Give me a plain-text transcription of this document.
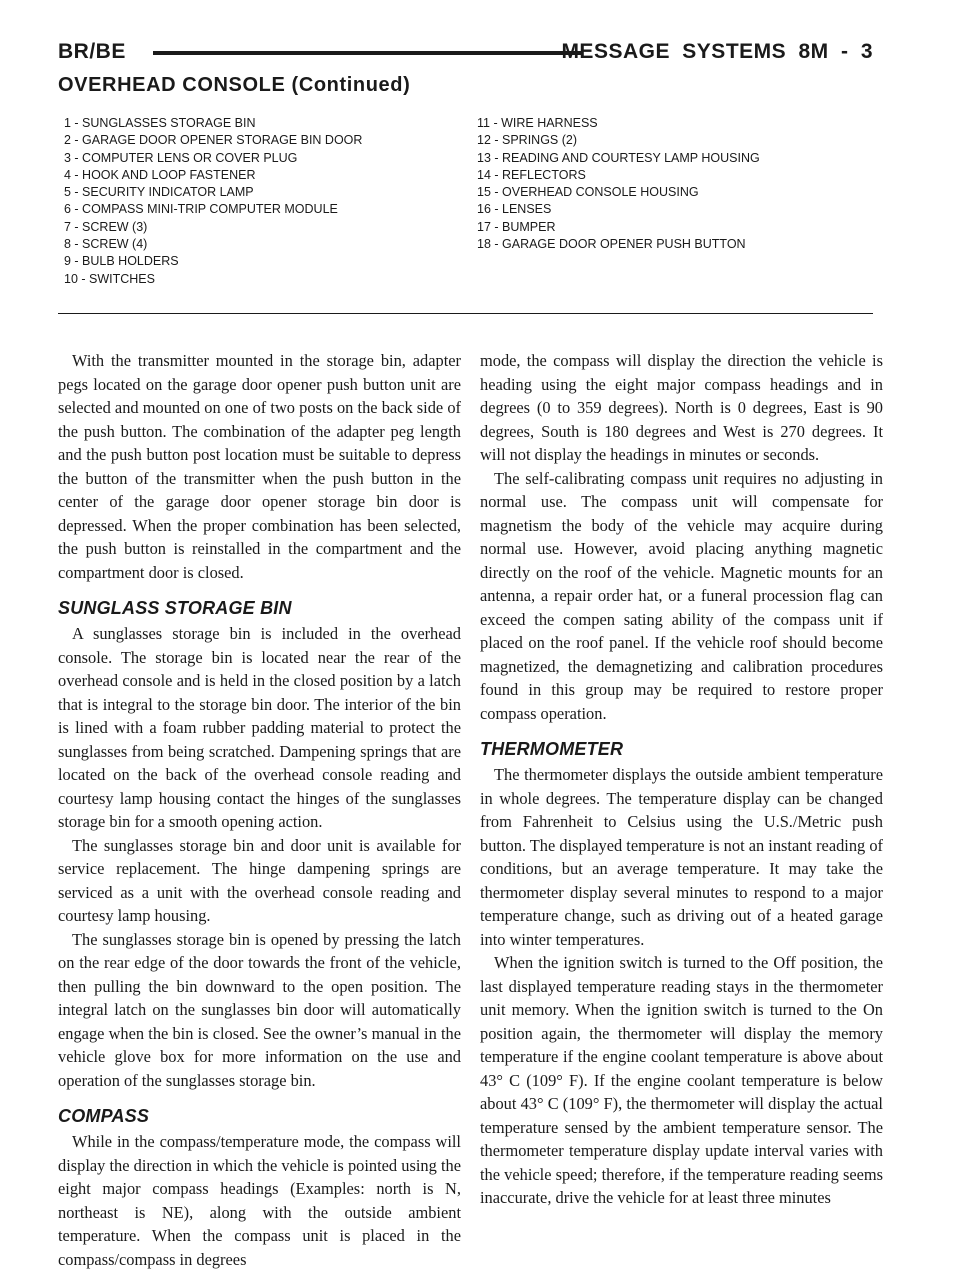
BR/BE	MESSAGE SYSTEMS 8M - 3
OVERHEAD CONSOLE (Continued)
1 - SUNGLASSES STORAGE BIN
2 - GARAGE DOOR OPENER STORAGE BIN DOOR
3 - COMPUTER LENS OR COVER PLUG
4 - HOOK AND LOOP FASTENER
5 - SECURITY INDICATOR LAMP
6 - COMPASS MINI-TRIP COMPUTER MODULE
7 - SCREW (3)
8 - SCREW (4)
9 - BULB HOLDERS
10 - SWITCHES
11 - WIRE HARNESS
12 - SPRINGS (2)
13 - READING AND COURTESY LAMP HOUSING
14 - REFLECTORS
15 - OVERHEAD CONSOLE HOUSING
16 - LENSES
17 - BUMPER
18 - GARAGE DOOR OPENER PUSH BUTTON

With the transmitter mounted in the storage bin, adapter pegs located on the garage door opener push button unit are selected and mounted on one of two posts on the back side of the push button. The combination of the adapter peg length and the push button post location must be suitable to depress the button of the transmitter when the push button in the center of the garage door opener storage bin door is depressed. When the proper combination has been selected, the push button is reinstalled in the compartment and the compartment door is closed.

SUNGLASS STORAGE BIN

A sunglasses storage bin is included in the overhead console. The storage bin is located near the rear of the overhead console and is held in the closed position by a latch that is integral to the storage bin door. The interior of the bin is lined with a foam rubber padding material to protect the sunglasses from being scratched. Dampening springs that are located on the back of the overhead console reading and courtesy lamp housing contact the hinges of the sunglasses storage bin for a smooth opening action.

The sunglasses storage bin and door unit is available for service replacement. The hinge dampening springs are serviced as a unit with the overhead console reading and courtesy lamp housing.

The sunglasses storage bin is opened by pressing the latch on the rear edge of the door towards the front of the vehicle, then pulling the bin downward to the open position. The integral latch on the sunglasses bin door will automatically engage when the bin is closed. See the owner’s manual in the vehicle glove box for more information on the use and operation of the sunglasses storage bin.

COMPASS

While in the compass/temperature mode, the compass will display the direction in which the vehicle is pointed using the eight major compass headings (Examples: north is N, northeast is NE), along with the outside ambient temperature. When the compass unit is placed in the compass/compass in degrees

mode, the compass will display the direction the vehicle is heading using the eight major compass headings and in degrees (0 to 359 degrees). North is 0 degrees, East is 90 degrees, South is 180 degrees and West is 270 degrees. It will not display the headings in minutes or seconds.

The self-calibrating compass unit requires no adjusting in normal use. The compass unit will compensate for magnetism the body of the vehicle may acquire during normal use. However, avoid placing anything magnetic directly on the roof of the vehicle. Magnetic mounts for an antenna, a repair order hat, or a funeral procession flag can exceed the compen sating ability of the compass unit if placed on the roof panel. If the vehicle roof should become magnetized, the demagnetizing and calibration procedures found in this group may be required to restore proper compass operation.

THERMOMETER

The thermometer displays the outside ambient temperature in whole degrees. The temperature display can be changed from Fahrenheit to Celsius using the U.S./Metric push button. The displayed temperature is not an instant reading of conditions, but an average temperature. It may take the thermometer display several minutes to respond to a major temperature change, such as driving out of a heated garage into winter temperatures.

When the ignition switch is turned to the Off position, the last displayed temperature reading stays in the thermometer unit memory. When the ignition switch is turned to the On position again, the thermometer will display the memory temperature if the engine coolant temperature is above about 43° C (109° F). If the engine coolant temperature is below about 43° C (109° F), the thermometer will display the actual temperature sensed by the ambient temperature sensor. The thermometer temperature display update interval varies with the vehicle speed; therefore, if the temperature reading seems inaccurate, drive the vehicle for at least three minutes
